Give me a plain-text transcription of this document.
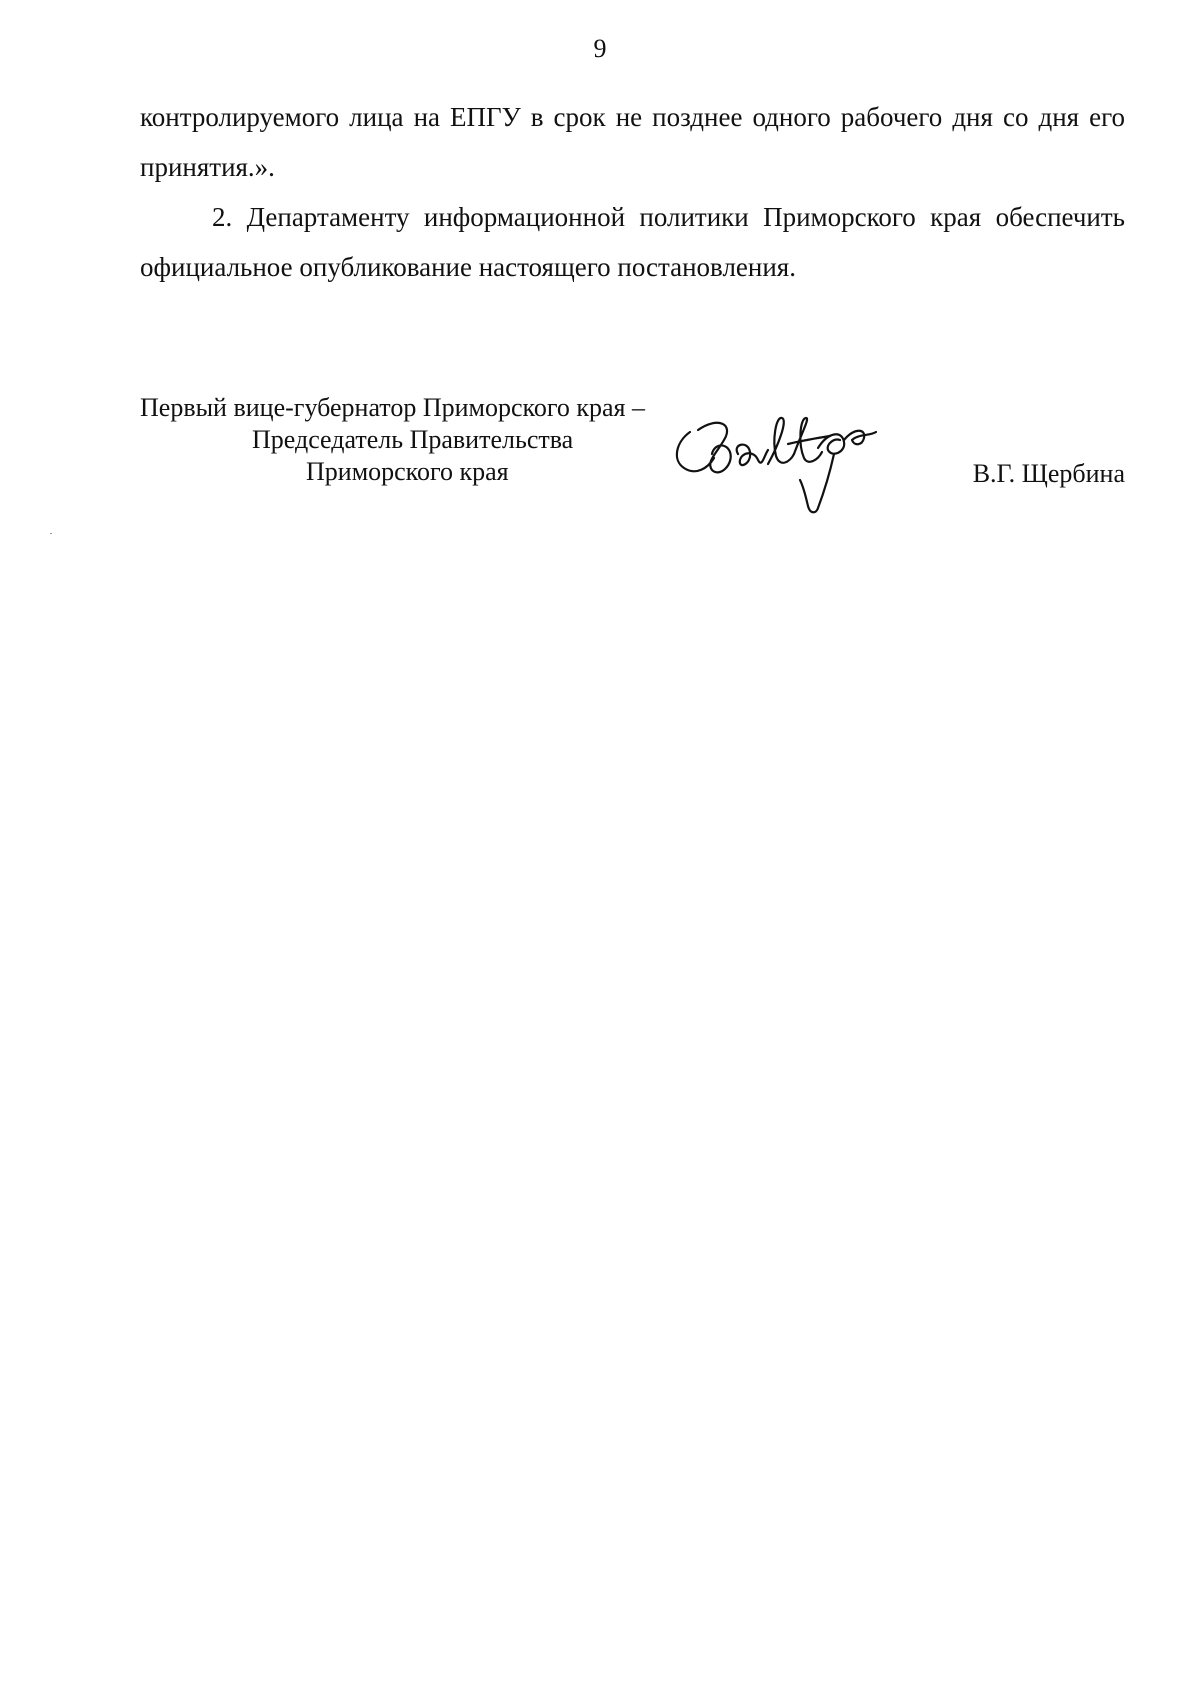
9

контролируемого лица на ЕПГУ в срок не позднее одного рабочего дня со дня его принятия.».

2. Департаменту информационной политики Приморского края обеспечить официальное опубликование настоящего постановления.

Первый вице-губернатор Приморского края –
Председатель Правительства
Приморского края	В.Г. Щербина
